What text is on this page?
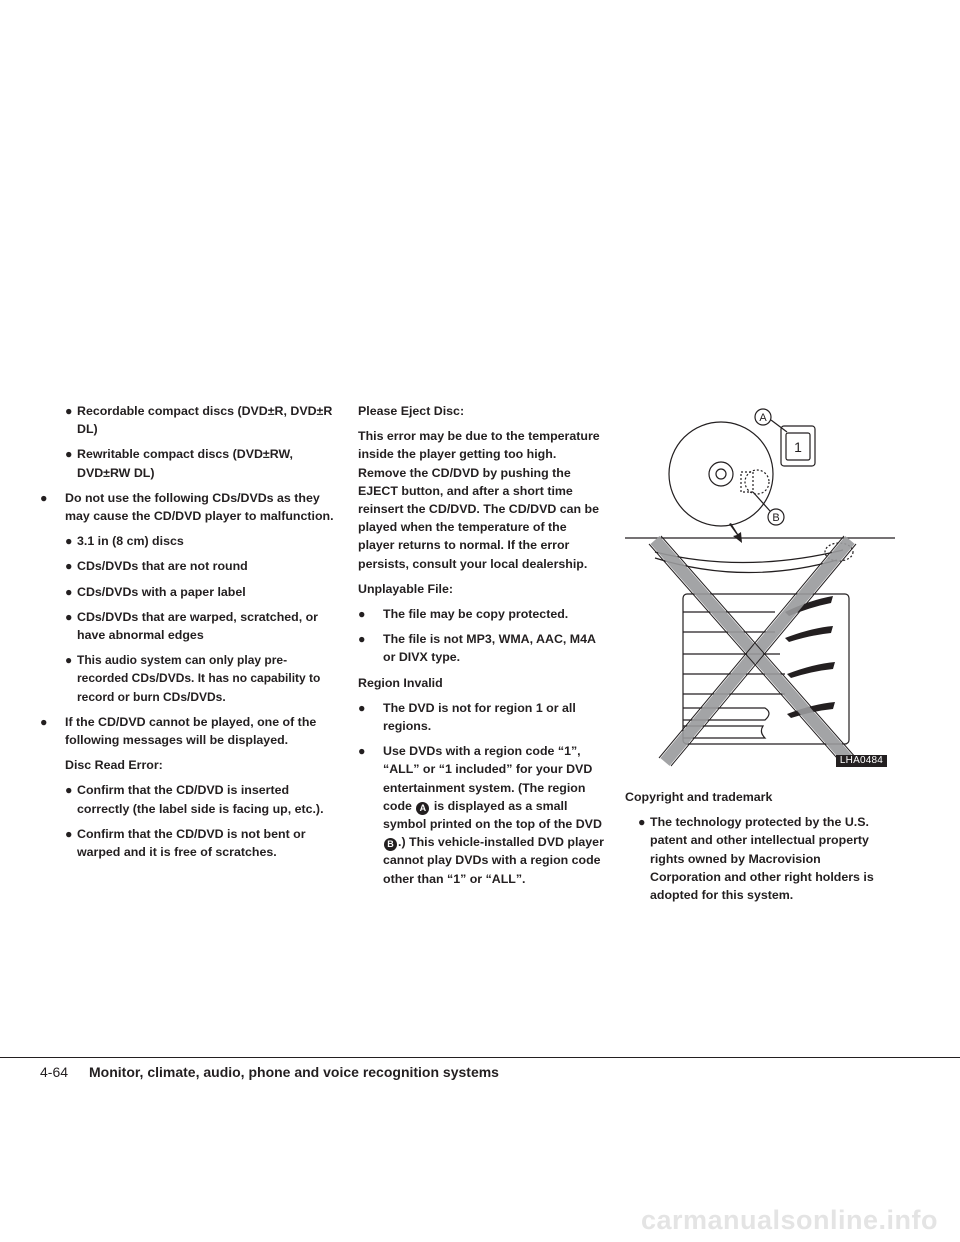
● Recordable compact discs (DVD±R, DVD±R DL)
● Rewritable compact discs (DVD±RW, DVD±RW DL)
● Do not use the following CDs/DVDs as they may cause the CD/DVD player to malfunction.
● 3.1 in (8 cm) discs
● CDs/DVDs that are not round
● CDs/DVDs with a paper label
● CDs/DVDs that are warped, scratched, or have abnormal edges
● This audio system can only play pre-recorded CDs/DVDs. It has no capability to record or burn CDs/DVDs.
● If the CD/DVD cannot be played, one of the following messages will be displayed.
Disc Read Error:
● Confirm that the CD/DVD is inserted correctly (the label side is facing up, etc.).
● Confirm that the CD/DVD is not bent or warped and it is free of scratches.
Please Eject Disc:
This error may be due to the temperature inside the player getting too high. Remove the CD/DVD by pushing the EJECT button, and after a short time reinsert the CD/DVD. The CD/DVD can be played when the temperature of the player returns to normal. If the error persists, consult your local dealership.
Unplayable File:
● The file may be copy protected.
● The file is not MP3, WMA, AAC, M4A or DIVX type.
Region Invalid
● The DVD is not for region 1 or all regions.
● Use DVDs with a region code “1”, “ALL” or “1 included” for your DVD entertainment system. (The region code A is displayed as a small symbol printed on the top of the DVD B .) This vehicle-installed DVD player cannot play DVDs with a region code other than “1” or “ALL”.
A
B
1
LHA0484
Copyright and trademark
● The technology protected by the U.S. patent and other intellectual property rights owned by Macrovision Corporation and other right holders is adopted for this system.
4-64 Monitor, climate, audio, phone and voice recognition systems
carmanualsonline.info
